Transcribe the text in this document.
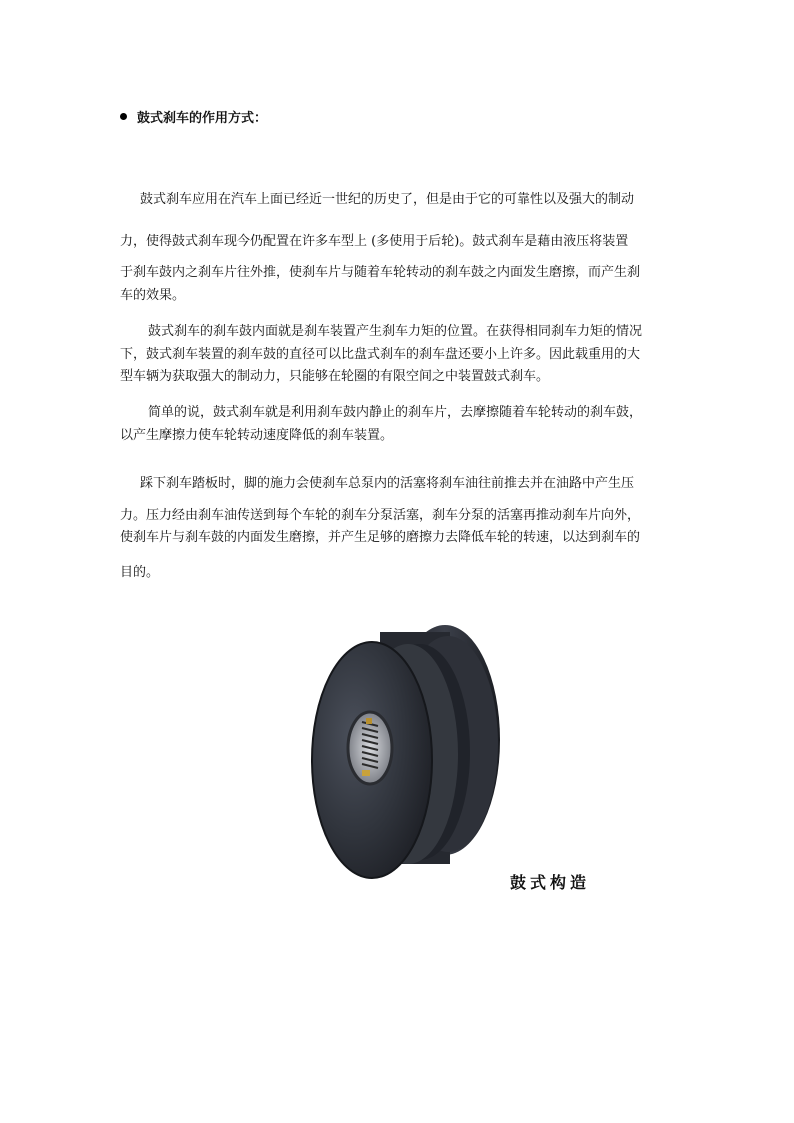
鼓式刹车的作用方式：
鼓式刹车应用在汽车上面已经近一世纪的历史了，但是由于它的可靠性以及强大的制动
力，使得鼓式刹车现今仍配置在许多车型上 (多使用于后轮)。鼓式刹车是藉由液压将装置
于刹车鼓内之刹车片往外推，使刹车片与随着车轮转动的刹车鼓之内面发生磨擦，而产生刹
车的效果。
鼓式刹车的刹车鼓内面就是刹车装置产生刹车力矩的位置。在获得相同刹车力矩的情况
下，鼓式刹车装置的刹车鼓的直径可以比盘式刹车的刹车盘还要小上许多。因此载重用的大
型车辆为获取强大的制动力，只能够在轮圈的有限空间之中装置鼓式刹车。
简单的说，鼓式刹车就是利用刹车鼓内静止的刹车片，去摩擦随着车轮转动的刹车鼓，
以产生摩擦力使车轮转动速度降低的刹车装置。
踩下刹车踏板时，脚的施力会使刹车总泵内的活塞将刹车油往前推去并在油路中产生压
力。压力经由刹车油传送到每个车轮的刹车分泵活塞，刹车分泵的活塞再推动刹车片向外，
使刹车片与刹车鼓的内面发生磨擦，并产生足够的磨擦力去降低车轮的转速，以达到刹车的
目的。
鼓式构造
